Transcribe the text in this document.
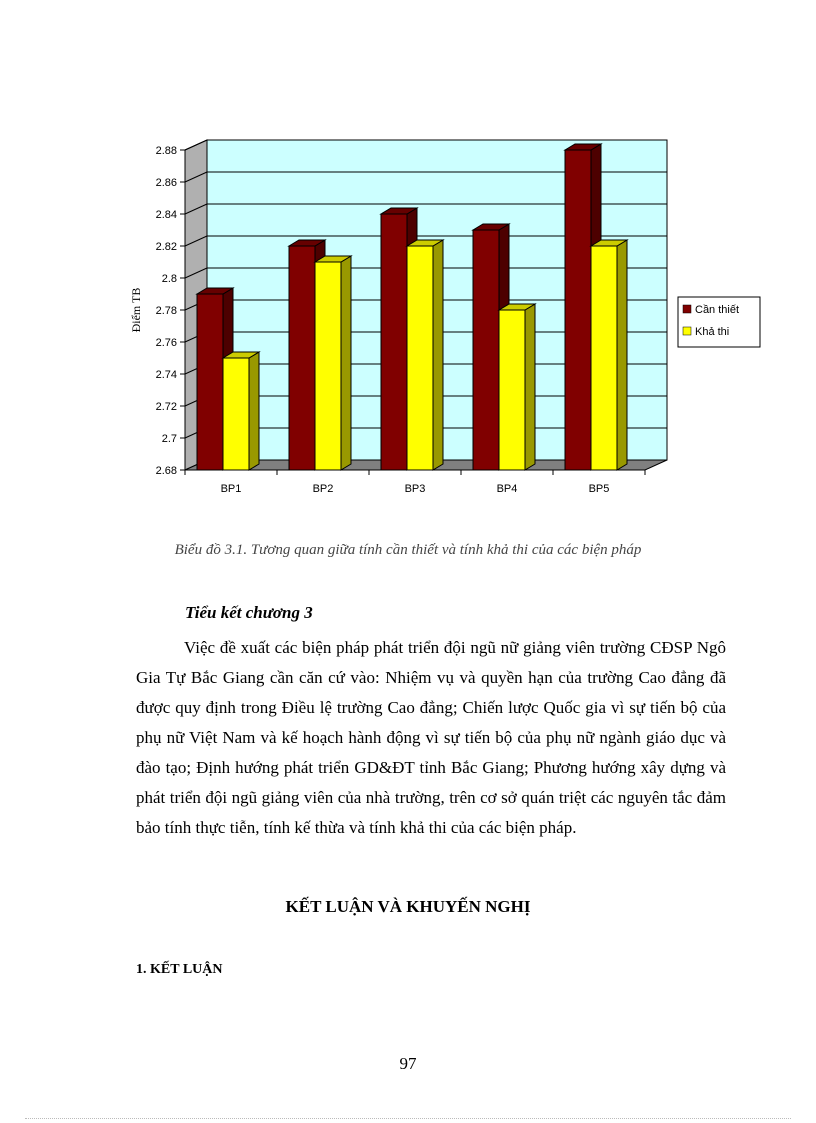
2.68
2.7
2.72
2.74
2.76
2.78
2.8
2.82
2.84
2.86
2.88
Điểm TB
BP1	BP2	BP3	BP4	BP5
Cần thiết
Khả thi
Biểu đồ 3.1. Tương quan giữa tính cần thiết và tính khả thi của các biện pháp
Tiểu kết chương 3

Việc đề xuất các biện pháp phát triển đội ngũ nữ giảng viên trường CĐSP Ngô Gia Tự Bắc Giang cần căn cứ vào: Nhiệm vụ và quyền hạn của trường Cao đẳng đã được quy định trong Điều lệ trường Cao đẳng; Chiến lược Quốc gia vì sự tiến bộ của phụ nữ Việt Nam và kế hoạch hành động vì sự tiến bộ của phụ nữ ngành giáo dục và đào tạo; Định hướng phát triển GD&ĐT tỉnh Bắc Giang; Phương hướng xây dựng và phát triển đội ngũ giảng viên của nhà trường, trên cơ sở quán triệt các nguyên tắc đảm bảo tính thực tiễn, tính kế thừa và tính khả thi của các biện pháp.

KẾT LUẬN VÀ KHUYẾN NGHỊ
1. KẾT LUẬN
97
